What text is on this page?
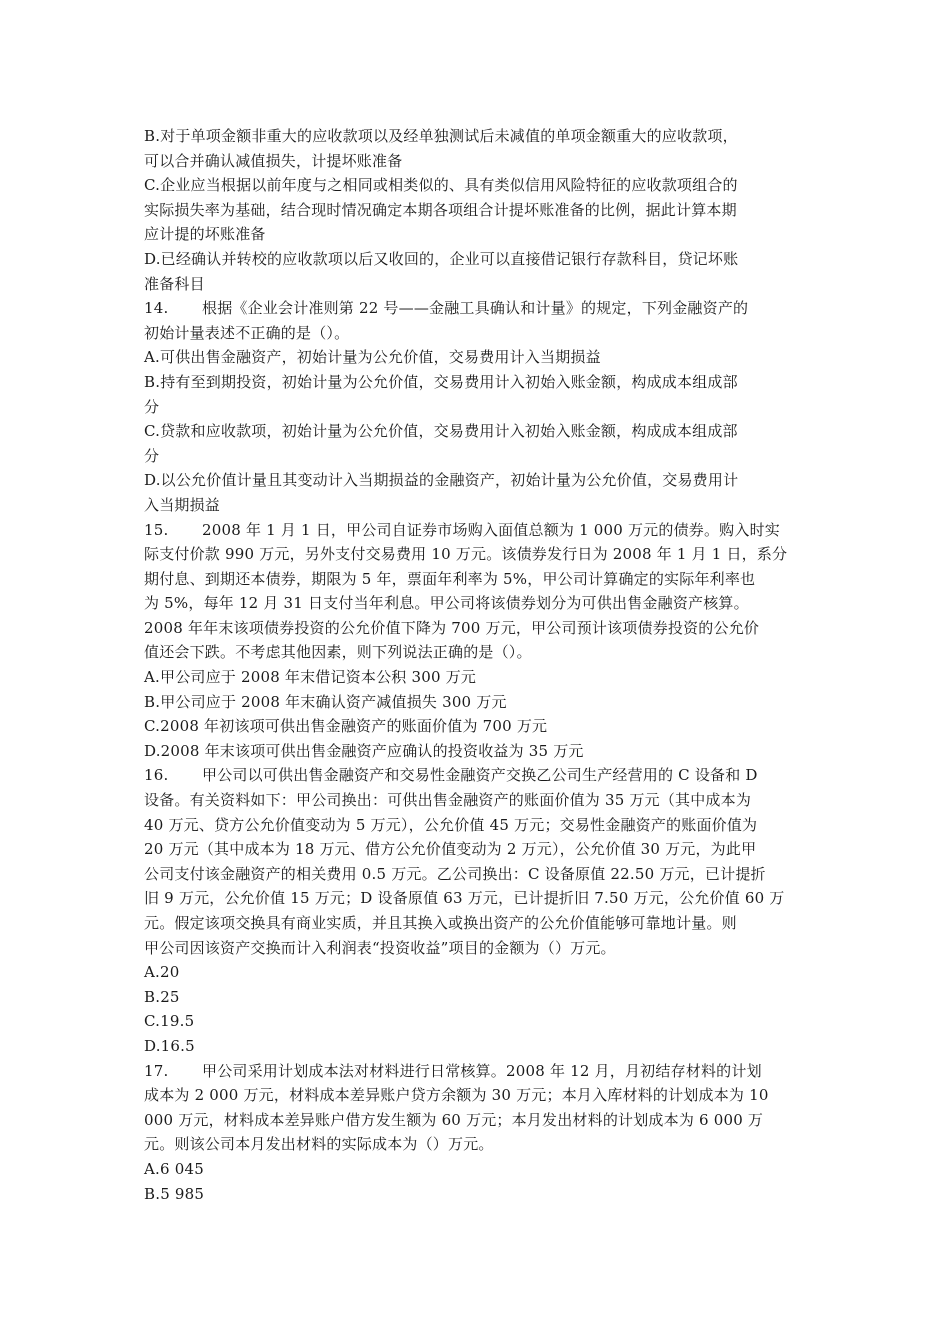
B.对于单项金额非重大的应收款项以及经单独测试后未减值的单项金额重大的应收款项，
可以合并确认减值损失，计提坏账准备
C.企业应当根据以前年度与之相同或相类似的、具有类似信用风险特征的应收款项组合的
实际损失率为基础，结合现时情况确定本期各项组合计提坏账准备的比例，据此计算本期
应计提的坏账准备
D.已经确认并转校的应收款项以后又收回的，企业可以直接借记银行存款科目，贷记坏账
准备科目
14. 根据《企业会计准则第 22 号——金融工具确认和计量》的规定，下列金融资产的
初始计量表述不正确的是（）。
A.可供出售金融资产，初始计量为公允价值，交易费用计入当期损益
B.持有至到期投资，初始计量为公允价值，交易费用计入初始入账金额，构成成本组成部
分
C.贷款和应收款项，初始计量为公允价值，交易费用计入初始入账金额，构成成本组成部
分
D.以公允价值计量且其变动计入当期损益的金融资产，初始计量为公允价值，交易费用计
入当期损益
15. 2008 年 1 月 1 日，甲公司自证券市场购入面值总额为 1 000 万元的债券。购入时实
际支付价款 990 万元，另外支付交易费用 10 万元。该债券发行日为 2008 年 1 月 1 日，系分
期付息、到期还本债券，期限为 5 年，票面年利率为 5%，甲公司计算确定的实际年利率也
为 5%，每年 12 月 31 日支付当年利息。甲公司将该债券划分为可供出售金融资产核算。
2008 年年末该项债券投资的公允价值下降为 700 万元，甲公司预计该项债券投资的公允价
值还会下跌。不考虑其他因素，则下列说法正确的是（）。
A.甲公司应于 2008 年末借记资本公积 300 万元
B.甲公司应于 2008 年末确认资产减值损失 300 万元
C.2008 年初该项可供出售金融资产的账面价值为 700 万元
D.2008 年末该项可供出售金融资产应确认的投资收益为 35 万元
16. 甲公司以可供出售金融资产和交易性金融资产交换乙公司生产经营用的 C 设备和 D
设备。有关资料如下：甲公司换出：可供出售金融资产的账面价值为 35 万元（其中成本为
40 万元、贷方公允价值变动为 5 万元），公允价值 45 万元；交易性金融资产的账面价值为
20 万元（其中成本为 18 万元、借方公允价值变动为 2 万元），公允价值 30 万元，为此甲
公司支付该金融资产的相关费用 0.5 万元。乙公司换出：C 设备原值 22.50 万元，已计提折
旧 9 万元，公允价值 15 万元；D 设备原值 63 万元，已计提折旧 7.50 万元，公允价值 60 万
元。假定该项交换具有商业实质，并且其换入或换出资产的公允价值能够可靠地计量。则
甲公司因该资产交换而计入利润表“投资收益”项目的金额为（）万元。
A.20
B.25
C.19.5
D.16.5
17. 甲公司采用计划成本法对材料进行日常核算。2008 年 12 月，月初结存材料的计划
成本为 2 000 万元，材料成本差异账户贷方余额为 30 万元；本月入库材料的计划成本为 10
000 万元，材料成本差异账户借方发生额为 60 万元；本月发出材料的计划成本为 6 000 万
元。则该公司本月发出材料的实际成本为（）万元。
A.6 045
B.5 985
